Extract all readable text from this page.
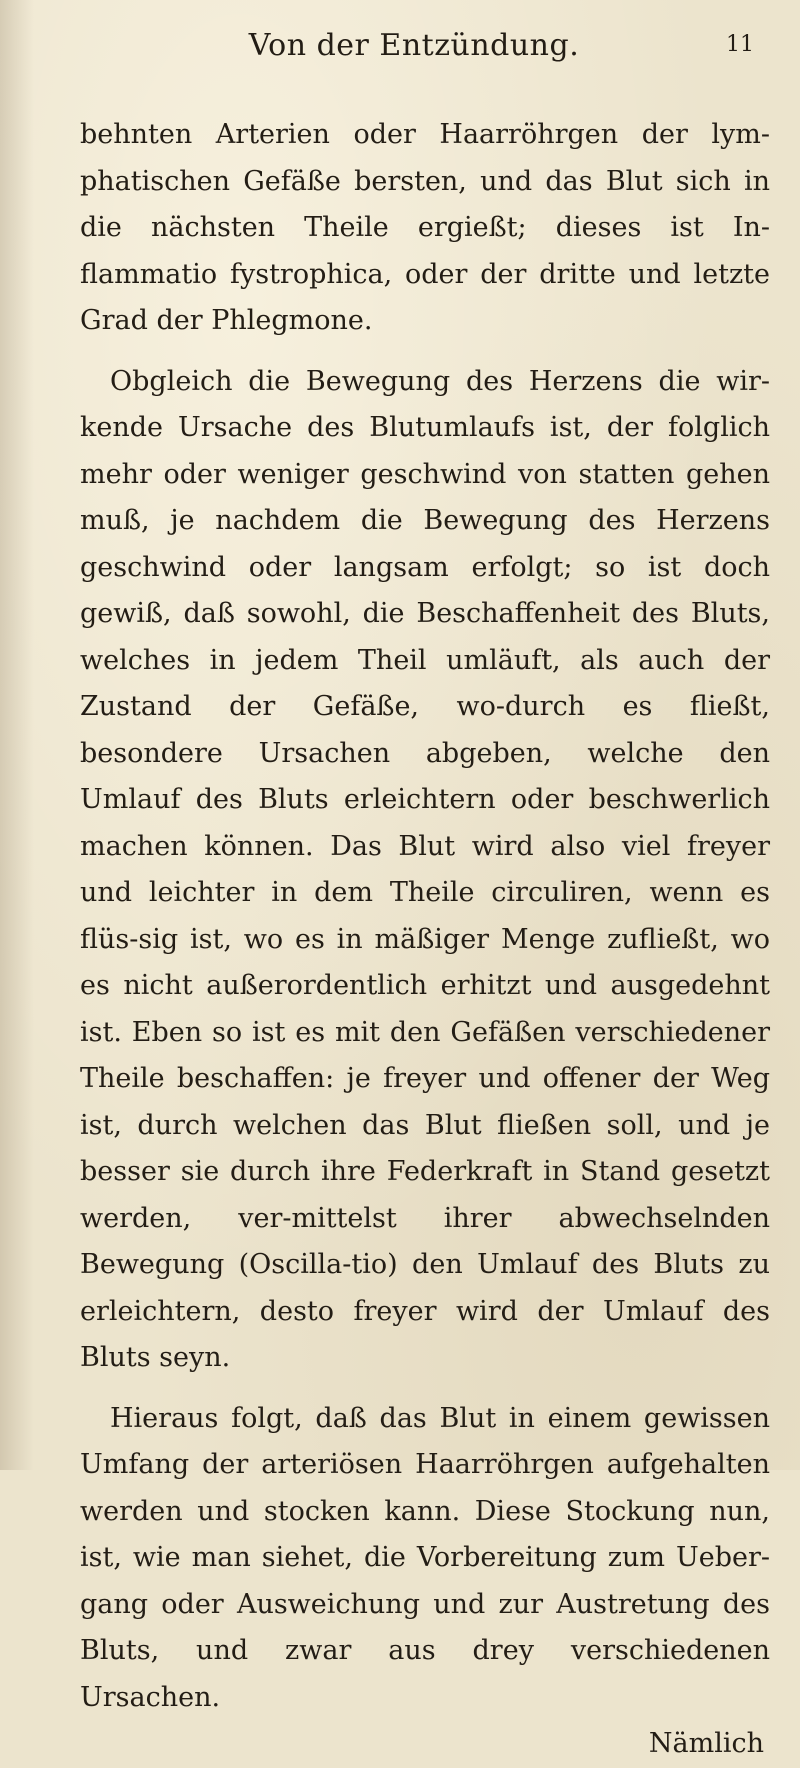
Von der Entzündung.	11

behnten Arterien oder Haarröhrgen der lym-phatischen Gefäße bersten, und das Blut sich in die nächsten Theile ergießt; dieses ist In-flammatio fystrophica, oder der dritte und letzte Grad der Phlegmone.

Obgleich die Bewegung des Herzens die wir-kende Ursache des Blutumlaufs ist, der folglich mehr oder weniger geschwind von statten gehen muß, je nachdem die Bewegung des Herzens geschwind oder langsam erfolgt; so ist doch gewiß, daß sowohl, die Beschaffenheit des Bluts, welches in jedem Theil umläuft, als auch der Zustand der Gefäße, wo-durch es fließt, besondere Ursachen abgeben, welche den Umlauf des Bluts erleichtern oder beschwerlich machen können. Das Blut wird also viel freyer und leichter in dem Theile circuliren, wenn es flüs-sig ist, wo es in mäßiger Menge zufließt, wo es nicht außerordentlich erhitzt und ausgedehnt ist. Eben so ist es mit den Gefäßen verschiedener Theile beschaffen: je freyer und offener der Weg ist, durch welchen das Blut fließen soll, und je besser sie durch ihre Federkraft in Stand gesetzt werden, ver-mittelst ihrer abwechselnden Bewegung (Oscilla-tio) den Umlauf des Bluts zu erleichtern, desto freyer wird der Umlauf des Bluts seyn.

Hieraus folgt, daß das Blut in einem gewissen Umfang der arteriösen Haarröhrgen aufgehalten werden und stocken kann. Diese Stockung nun, ist, wie man siehet, die Vorbereitung zum Ueber-gang oder Ausweichung und zur Austretung des Bluts, und zwar aus drey verschiedenen Ursachen.
Nämlich
